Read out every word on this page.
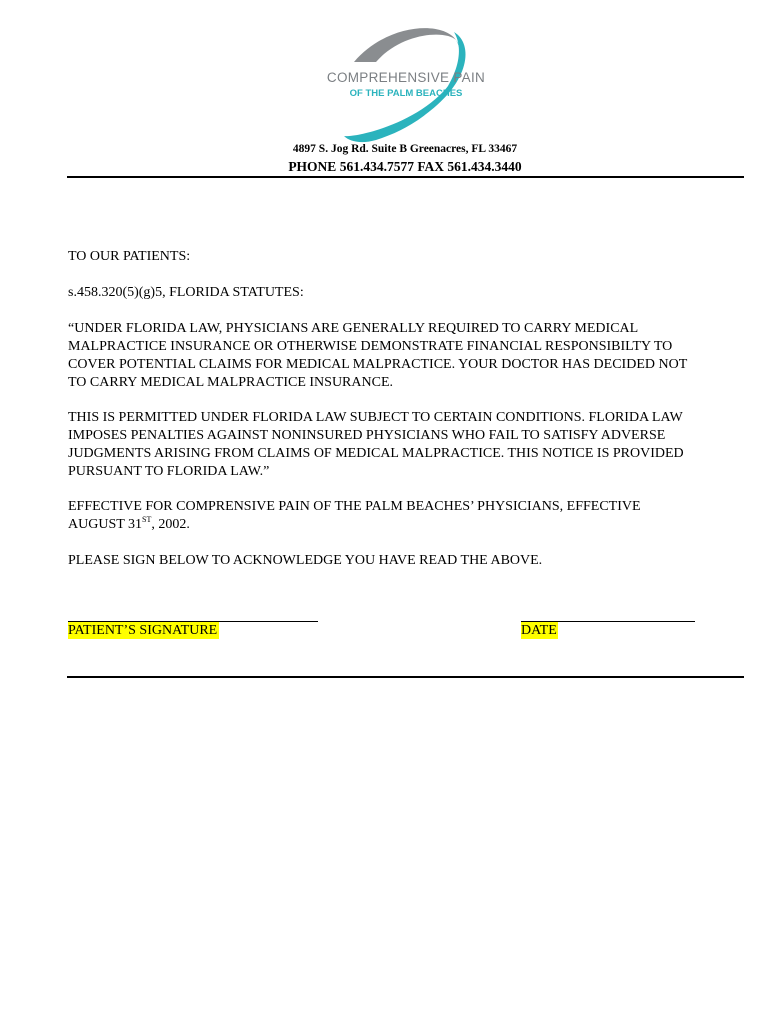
COMPREHENSIVE PAIN
OF THE PALM BEACHES
4897 S. Jog Rd. Suite B Greenacres, FL 33467
PHONE 561.434.7577 FAX 561.434.3440
TO OUR PATIENTS:
s.458.320(5)(g)5, FLORIDA STATUTES:
“UNDER FLORIDA LAW, PHYSICIANS ARE GENERALLY REQUIRED TO CARRY MEDICAL
MALPRACTICE INSURANCE OR OTHERWISE DEMONSTRATE FINANCIAL RESPONSIBILTY TO
COVER POTENTIAL CLAIMS FOR MEDICAL MALPRACTICE. YOUR DOCTOR HAS DECIDED NOT
TO CARRY MEDICAL MALPRACTICE INSURANCE.
THIS IS PERMITTED UNDER FLORIDA LAW SUBJECT TO CERTAIN CONDITIONS. FLORIDA LAW
IMPOSES PENALTIES AGAINST NONINSURED PHYSICIANS WHO FAIL TO SATISFY ADVERSE
JUDGMENTS ARISING FROM CLAIMS OF MEDICAL MALPRACTICE. THIS NOTICE IS PROVIDED
PURSUANT TO FLORIDA LAW.”
EFFECTIVE FOR COMPRENSIVE PAIN OF THE PALM BEACHES’ PHYSICIANS, EFFECTIVE
AUGUST 31ST, 2002.
PLEASE SIGN BELOW TO ACKNOWLEDGE YOU HAVE READ THE ABOVE.
PATIENT’S SIGNATURE	DATE
